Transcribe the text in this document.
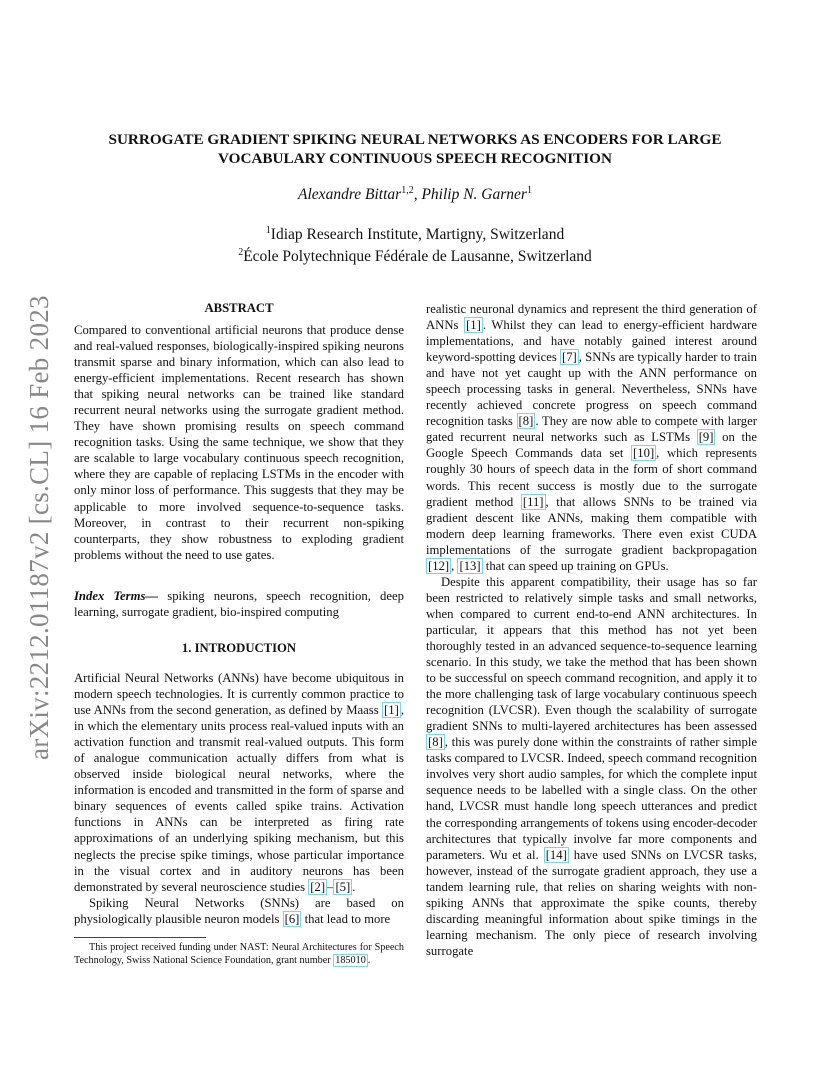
arXiv:2212.01187v2 [cs.CL] 16 Feb 2023
SURROGATE GRADIENT SPIKING NEURAL NETWORKS AS ENCODERS FOR LARGE
VOCABULARY CONTINUOUS SPEECH RECOGNITION
Alexandre Bittar$^{1,2}$, Philip N. Garner$^1$
$^1$Idiap Research Institute, Martigny, Switzerland
$^2$École Polytechnique Fédérale de Lausanne, Switzerland
ABSTRACT

Compared to conventional artificial neurons that produce dense and real-valued responses, biologically-inspired spiking neurons transmit sparse and binary information, which can also lead to energy-efficient implementations. Recent research has shown that spiking neural networks can be trained like standard recurrent neural networks using the surrogate gradient method. They have shown promising results on speech command recognition tasks. Using the same technique, we show that they are scalable to large vocabulary continuous speech recognition, where they are capable of replacing LSTMs in the encoder with only minor loss of performance. This suggests that they may be applicable to more involved sequence-to-sequence tasks. Moreover, in contrast to their recurrent non-spiking counterparts, they show robustness to exploding gradient problems without the need to use gates.

Index Terms— spiking neurons, speech recognition, deep learning, surrogate gradient, bio-inspired computing

1. INTRODUCTION

Artificial Neural Networks (ANNs) have become ubiquitous in modern speech technologies. It is currently common practice to use ANNs from the second generation, as defined by Maass [1] , in which the elementary units process real-valued inputs with an activation function and transmit real-valued outputs. This form of analogue communication actually differs from what is observed inside biological neural networks, where the information is encoded and transmitted in the form of sparse and binary sequences of events called spike trains. Activation functions in ANNs can be interpreted as firing rate approximations of an underlying spiking mechanism, but this neglects the precise spike timings, whose particular importance in the visual cortex and in auditory neurons has been demonstrated by several neuroscience studies [2] – [5] .

Spiking Neural Networks (SNNs) are based on physiologically plausible neuron models [6] that lead to more

This project received funding under NAST: Neural Architectures for Speech Technology, Swiss National Science Foundation, grant number 185010 .

realistic neuronal dynamics and represent the third generation of ANNs [1] . Whilst they can lead to energy-efficient hardware implementations, and have notably gained interest around keyword-spotting devices [7] , SNNs are typically harder to train and have not yet caught up with the ANN performance on speech processing tasks in general. Nevertheless, SNNs have recently achieved concrete progress on speech command recognition tasks [8] . They are now able to compete with larger gated recurrent neural networks such as LSTMs [9] on the Google Speech Commands data set [10] , which represents roughly 30 hours of speech data in the form of short command words. This recent success is mostly due to the surrogate gradient method [11] , that allows SNNs to be trained via gradient descent like ANNs, making them compatible with modern deep learning frameworks. There even exist CUDA implementations of the surrogate gradient backpropagation [12] , [13] that can speed up training on GPUs.

Despite this apparent compatibility, their usage has so far been restricted to relatively simple tasks and small networks, when compared to current end-to-end ANN architectures. In particular, it appears that this method has not yet been thoroughly tested in an advanced sequence-to-sequence learning scenario. In this study, we take the method that has been shown to be successful on speech command recognition, and apply it to the more challenging task of large vocabulary continuous speech recognition (LVCSR). Even though the scalability of surrogate gradient SNNs to multi-layered architectures has been assessed [8] , this was purely done within the constraints of rather simple tasks compared to LVCSR. Indeed, speech command recognition involves very short audio samples, for which the complete input sequence needs to be labelled with a single class. On the other hand, LVCSR must handle long speech utterances and predict the corresponding arrangements of tokens using encoder-decoder architectures that typically involve far more components and parameters. Wu et al. [14] have used SNNs on LVCSR tasks, however, instead of the surrogate gradient approach, they use a tandem learning rule, that relies on sharing weights with non-spiking ANNs that approximate the spike counts, thereby discarding meaningful information about spike timings in the learning mechanism. The only piece of research involving surrogate
